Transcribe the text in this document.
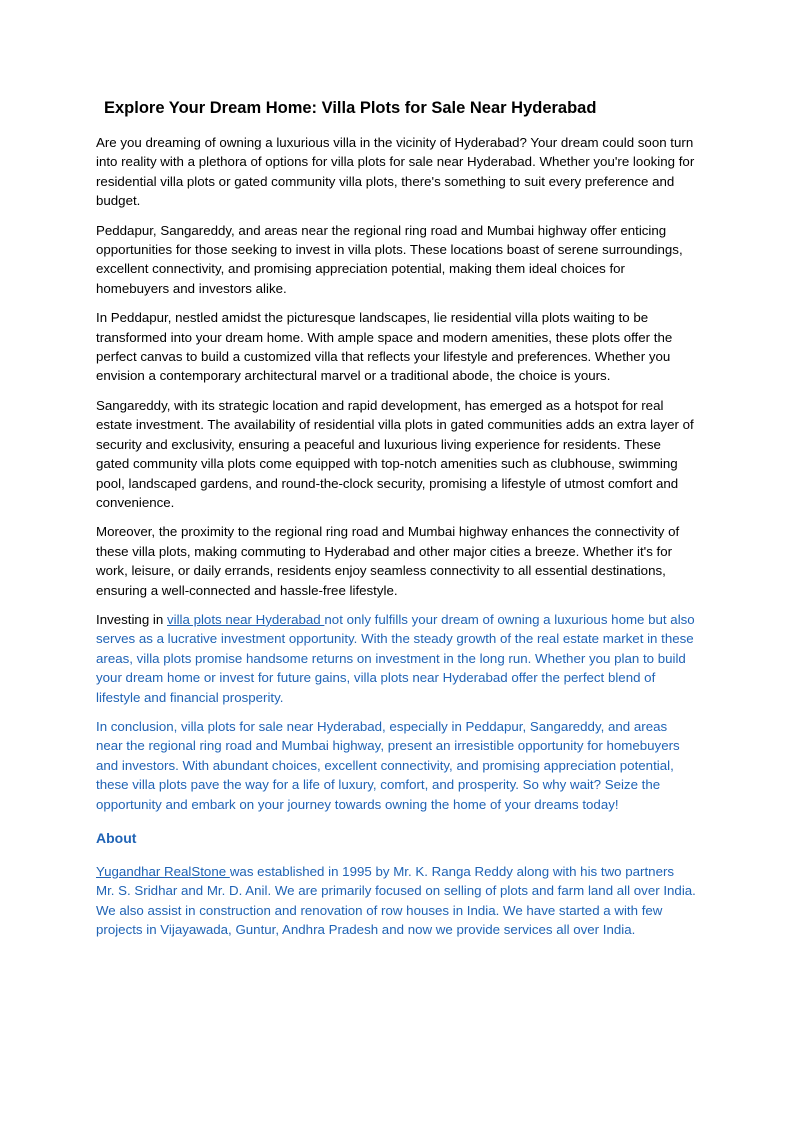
Explore Your Dream Home: Villa Plots for Sale Near Hyderabad

Are you dreaming of owning a luxurious villa in the vicinity of Hyderabad? Your dream could soon turn into reality with a plethora of options for villa plots for sale near Hyderabad. Whether you're looking for residential villa plots or gated community villa plots, there's something to suit every preference and budget.

Peddapur, Sangareddy, and areas near the regional ring road and Mumbai highway offer enticing opportunities for those seeking to invest in villa plots. These locations boast of serene surroundings, excellent connectivity, and promising appreciation potential, making them ideal choices for homebuyers and investors alike.

In Peddapur, nestled amidst the picturesque landscapes, lie residential villa plots waiting to be transformed into your dream home. With ample space and modern amenities, these plots offer the perfect canvas to build a customized villa that reflects your lifestyle and preferences. Whether you envision a contemporary architectural marvel or a traditional abode, the choice is yours.

Sangareddy, with its strategic location and rapid development, has emerged as a hotspot for real estate investment. The availability of residential villa plots in gated communities adds an extra layer of security and exclusivity, ensuring a peaceful and luxurious living experience for residents. These gated community villa plots come equipped with top-notch amenities such as clubhouse, swimming pool, landscaped gardens, and round-the-clock security, promising a lifestyle of utmost comfort and convenience.

Moreover, the proximity to the regional ring road and Mumbai highway enhances the connectivity of these villa plots, making commuting to Hyderabad and other major cities a breeze. Whether it's for work, leisure, or daily errands, residents enjoy seamless connectivity to all essential destinations, ensuring a well-connected and hassle-free lifestyle.

Investing in villa plots near Hyderabad not only fulfills your dream of owning a luxurious home but also serves as a lucrative investment opportunity. With the steady growth of the real estate market in these areas, villa plots promise handsome returns on investment in the long run. Whether you plan to build your dream home or invest for future gains, villa plots near Hyderabad offer the perfect blend of lifestyle and financial prosperity.

In conclusion, villa plots for sale near Hyderabad, especially in Peddapur, Sangareddy, and areas near the regional ring road and Mumbai highway, present an irresistible opportunity for homebuyers and investors. With abundant choices, excellent connectivity, and promising appreciation potential, these villa plots pave the way for a life of luxury, comfort, and prosperity. So why wait? Seize the opportunity and embark on your journey towards owning the home of your dreams today!

About

Yugandhar RealStone was established in 1995 by Mr. K. Ranga Reddy along with his two partners Mr. S. Sridhar and Mr. D. Anil. We are primarily focused on selling of plots and farm land all over India. We also assist in construction and renovation of row houses in India. We have started a with few projects in Vijayawada, Guntur, Andhra Pradesh and now we provide services all over India.
